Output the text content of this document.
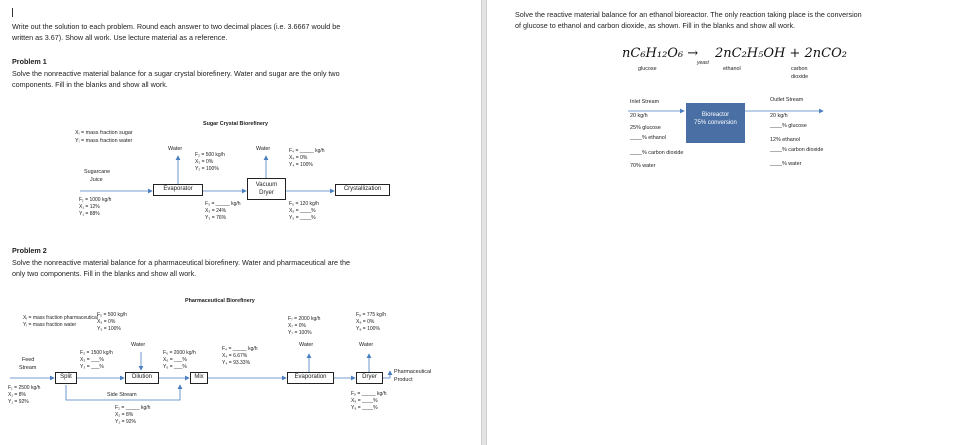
Write out the solution to each problem. Round each answer to two decimal places (i.e. 3.6667 would be
written as 3.67). Show all work. Use lecture material as a reference.
Problem 1
Solve the nonreactive material balance for a sugar crystal biorefinery. Water and sugar are the only two
components. Fill in the blanks and show all work.
Sugar Crystal Biorefinery
Xᵢ = mass fraction sugar
Yᵢ = mass fraction water
Sugarcane
Juice
F₁ = 1000 kg/h
X₁ = 12%
Y₁ = 88%
Evaporator
Water
F₂ = 500 kg/h
X₂ = 0%
Y₂ = 100%
F₃ = _____ kg/h
X₃ = 24%
Y₃ = 76%
Vacuum Dryer
Water	F₄ = _____ kg/h
X₄ = 0%
Y₄ = 100%
F₅ = 120 kg/h
X₅ = ____%
Y₅ = ____%
Crystallization
Problem 2
Solve the nonreactive material balance for a pharmaceutical biorefinery. Water and pharmaceutical are the
only two components. Fill in the blanks and show all work.
Pharmaceutical Biorefinery
Xᵢ = mass fraction pharmaceutical
Yᵢ = mass fraction water
F₅ = 500 kg/h
X₅ = 0%
Y₅ = 100%
Water
Feed
Stream
F₁ = 2500 kg/h
X₁ = 8%
Y₁ = 92%
Split
F₃ = 1500 kg/h
X₃ = ___%
Y₃ = ___%
Dilution
Side Stream
F₂ = _____ kg/h
X₂ = 8%
Y₂ = 92%
F₆ = 2000 kg/h
X₆ = ___%
Y₆ = ___%
Mix
F₄ = _____ kg/h
X₄ = 6.67%
Y₄ = 93.33%
F₇ = 2000 kg/h
X₇ = 0%
Y₇ = 100%
Water
Evaporation
F₈ = 775 kg/h
X₈ = 0%
Y₈ = 100%
Water
Dryer
Pharmaceutical
Product
F₉ = _____ kg/h
X₉ = ____%
Y₉ = ____%
Solve the reactive material balance for an ethanol bioreactor. The only reaction taking place is the conversion
of glucose to ethanol and carbon dioxide, as shown. Fill in the blanks and show all work.
nC₆H₁₂O₆ → 2nC₂H₅OH + 2nCO₂
yeast
glucose	ethanol	carbon
dioxide
Inlet Stream
20 kg/h
25% glucose
____% ethanol
____% carbon dioxide
70% water
Bioreactor
75% conversion
Outlet Stream
20 kg/h
____% glucose
12% ethanol
____% carbon dioxide
____% water
